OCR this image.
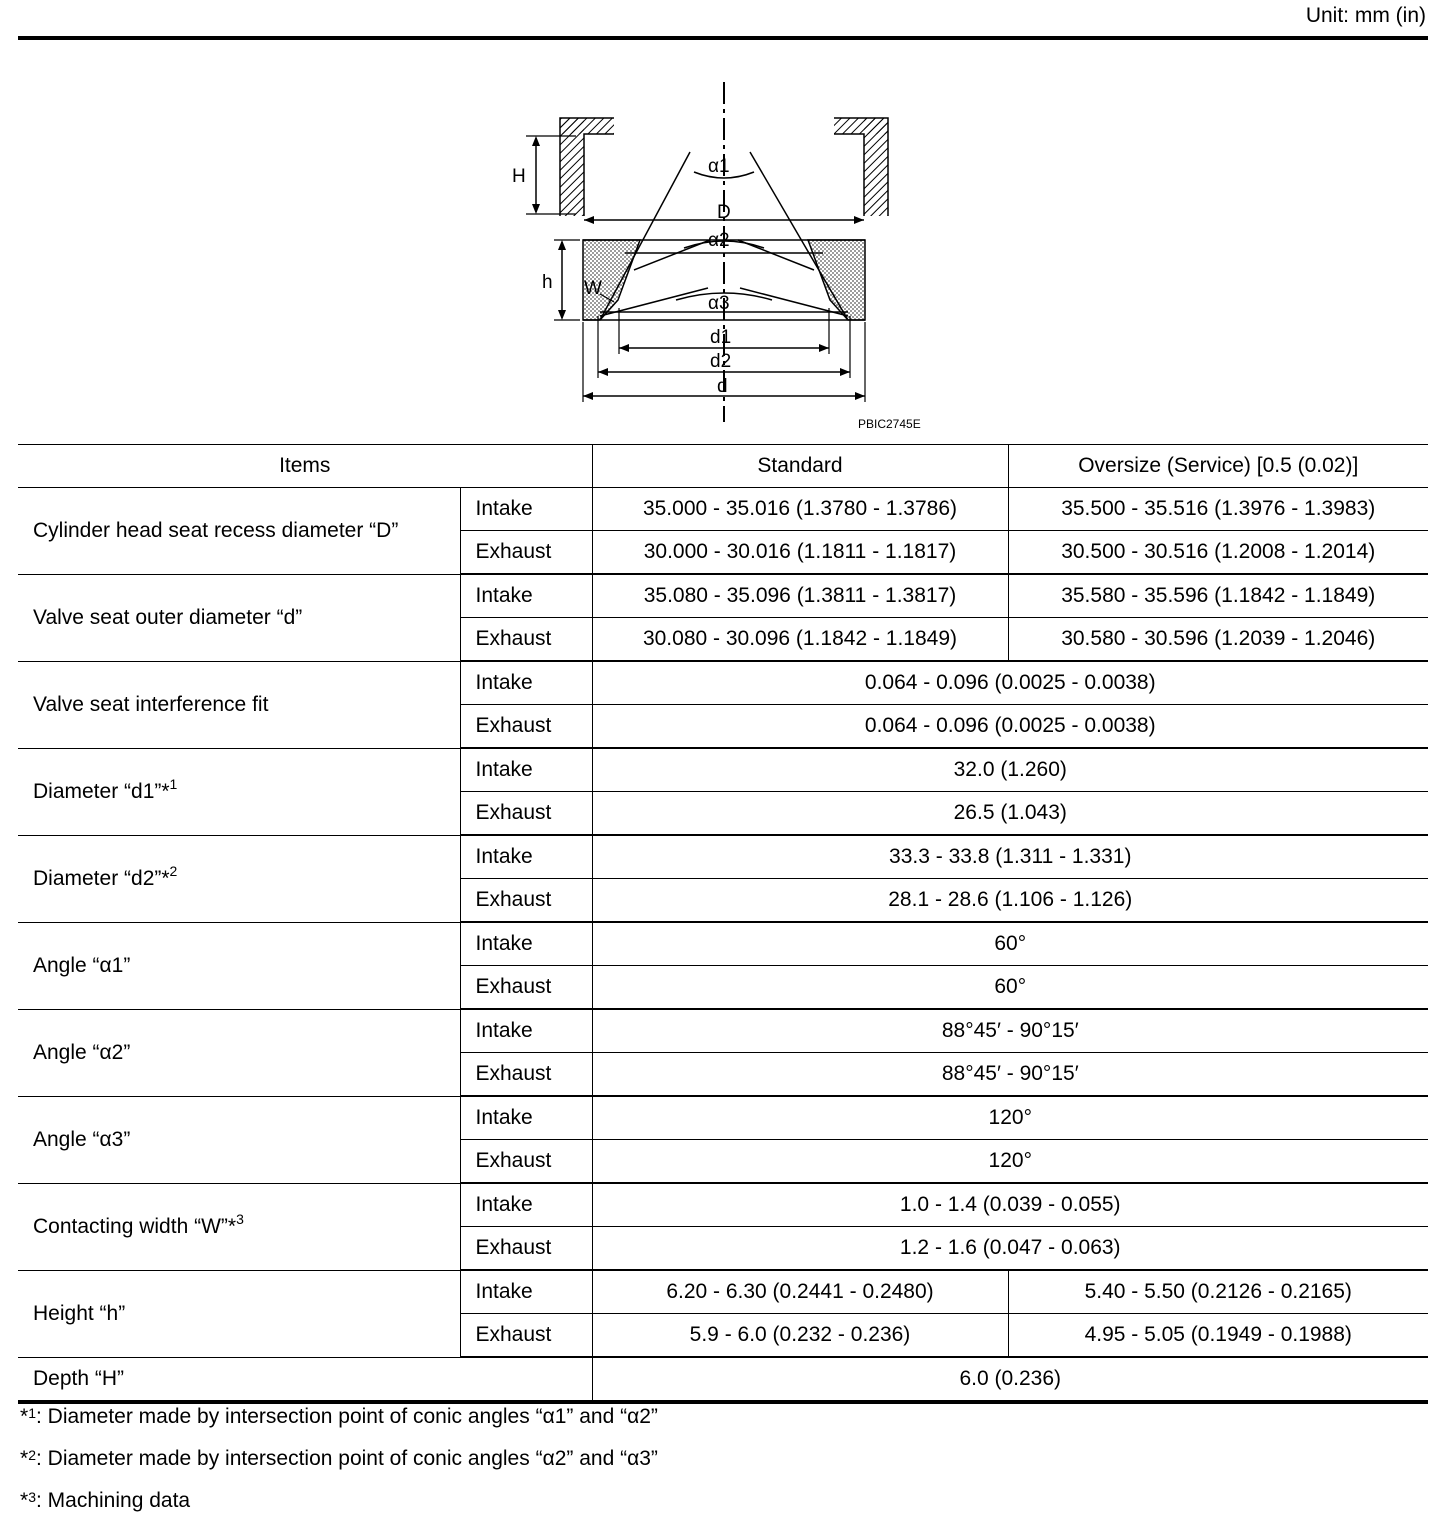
Unit: mm (in)
H
D
α1
α2
α3
h W
d1
d2
d
PBIC2745E
Items		Standard	Oversize (Service) [0.5 (0.02)]
Cylinder head seat recess diameter “D”	Intake	35.000 - 35.016 (1.3780 - 1.3786)	35.500 - 35.516 (1.3976 - 1.3983)
	Exhaust	30.000 - 30.016 (1.1811 - 1.1817)	30.500 - 30.516 (1.2008 - 1.2014)
Valve seat outer diameter “d”	Intake	35.080 - 35.096 (1.3811 - 1.3817)	35.580 - 35.596 (1.1842 - 1.1849)
	Exhaust	30.080 - 30.096 (1.1842 - 1.1849)	30.580 - 30.596 (1.2039 - 1.2046)
Valve seat interference fit	Intake	0.064 - 0.096 (0.0025 - 0.0038)	
	Exhaust	0.064 - 0.096 (0.0025 - 0.0038)	
Diameter “d1”*$^1$	Intake	32.0 (1.260)	
	Exhaust	26.5 (1.043)	
Diameter “d2”*$^2$	Intake	33.3 - 33.8 (1.311 - 1.331)	
	Exhaust	28.1 - 28.6 (1.106 - 1.126)	
Angle “α1”	Intake	60°	
	Exhaust	60°	
Angle “α2”	Intake	88°45′ - 90°15′	
	Exhaust	88°45′ - 90°15′	
Angle “α3”	Intake	120°	
	Exhaust	120°	
Contacting width “W”*$^3$	Intake	1.0 - 1.4 (0.039 - 0.055)	
	Exhaust	1.2 - 1.6 (0.047 - 0.063)	
Height “h”	Intake	6.20 - 6.30 (0.2441 - 0.2480)	5.40 - 5.50 (0.2126 - 0.2165)
	Exhaust	5.9 - 6.0 (0.232 - 0.236)	4.95 - 5.05 (0.1949 - 0.1988)
Depth “H”		6.0 (0.236)	
*$^1$: Diameter made by intersection point of conic angles “α1” and “α2”
*$^2$: Diameter made by intersection point of conic angles “α2” and “α3”
*$^3$: Machining data
